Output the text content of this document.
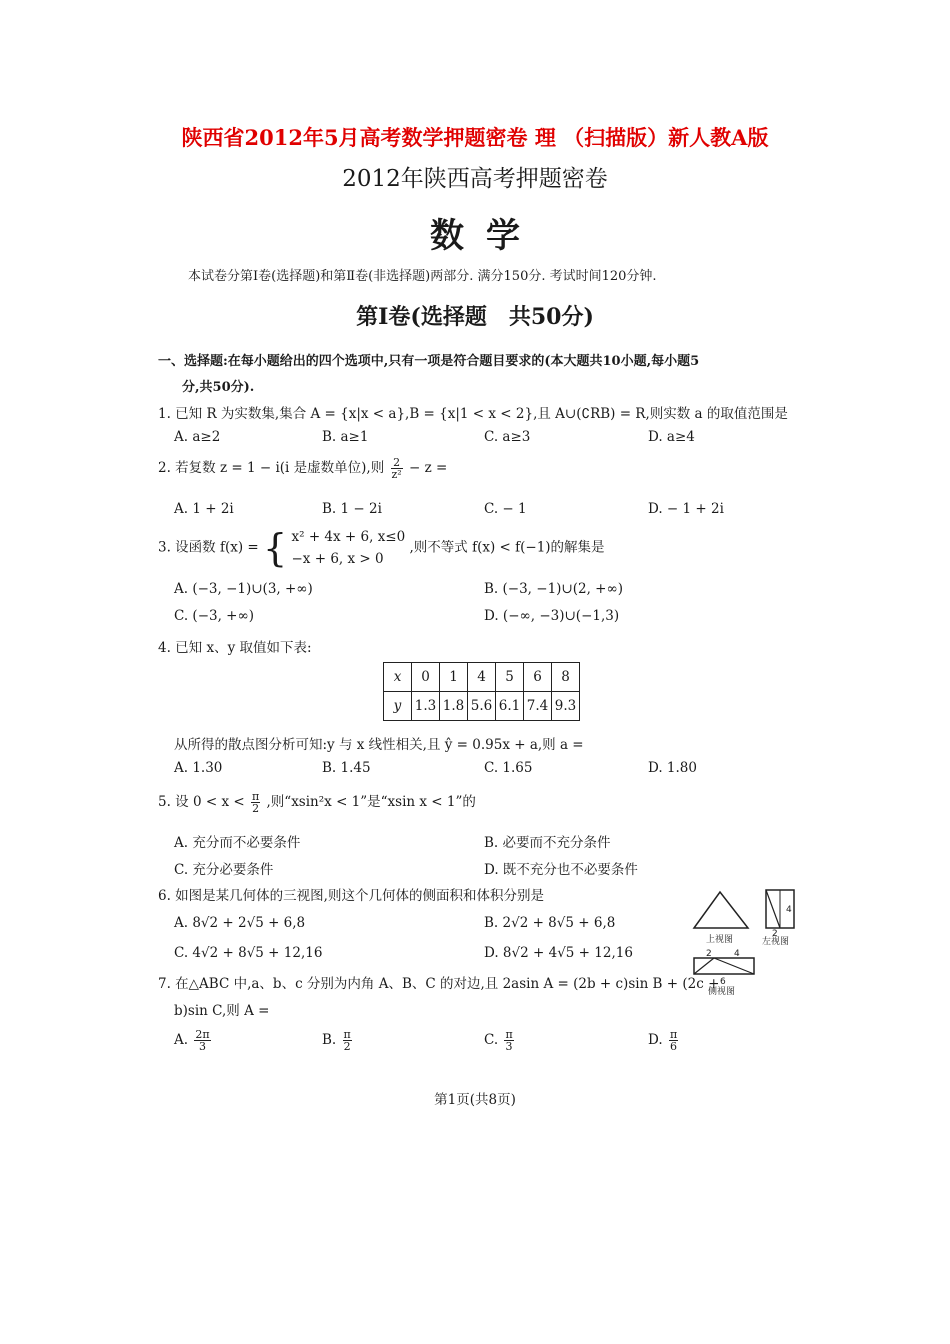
陕西省2012年5月高考数学押题密卷 理 （扫描版）新人教A版
2012年陕西高考押题密卷
数学
本试卷分第Ⅰ卷(选择题)和第Ⅱ卷(非选择题)两部分. 满分150分. 考试时间120分钟.
第Ⅰ卷(选择题　共50分)
一、选择题:在每小题给出的四个选项中,只有一项是符合题目要求的(本大题共10小题,每小题5
分,共50分).
1. 已知 R 为实数集,集合 A = {x|x < a},B = {x|1 < x < 2},且 A∪(∁RB) = R,则实数 a 的取值范围是
A. a≥2	B. a≥1	C. a≥3	D. a≥4
2. 若复数 z = 1 − i(i 是虚数单位),则 $\frac{2}{\text{z²}} - z$ =
A. 1 + 2i	B. 1 − 2i	C. − 1	D. − 1 + 2i
3. 设函数 f(x) = { x² + 4x + 6, x≤0
−x + 6, x > 0
,则不等式 f(x) < f(−1)的解集是
A. (−3, −1)∪(3, +∞)	B. (−3, −1)∪(2, +∞)
C. (−3, +∞)	D. (−∞, −3)∪(−1,3)
4. 已知 x、y 取值如下表:
x	0	1	4	5	6	8
y	1.3	1.8	5.6	6.1	7.4	9.3
从所得的散点图分析可知:y 与 x 线性相关,且 ŷ = 0.95x + a,则 a =
A. 1.30	B. 1.45	C. 1.65	D. 1.80
5. 设 $0 < x < \frac{\pi}{2}$ ,则“xsin²x < 1”是“xsin x < 1”的
A. 充分而不必要条件	B. 必要而不充分条件
C. 充分必要条件	D. 既不充分也不必要条件
6. 如图是某几何体的三视图,则这个几何体的侧面积和体积分别是
A. 8√2 + 2√5 + 6,8	B. 2√2 + 8√5 + 6,8
C. 4√2 + 8√5 + 12,16	D. 8√2 + 4√5 + 12,16
上视图
4
2
左视图
2 4
6
侧视图
7. 在△ABC 中,a、b、c 分别为内角 A、B、C 的对边,且 2asin A = (2b + c)sin B + (2c +
b)sin C,则 A =
A. $\frac{2\pi}{3}$	B. $\frac{\pi}{2}$	C. $\frac{\pi}{3}$	D. $\frac{\pi}{6}$
第1页(共8页)
